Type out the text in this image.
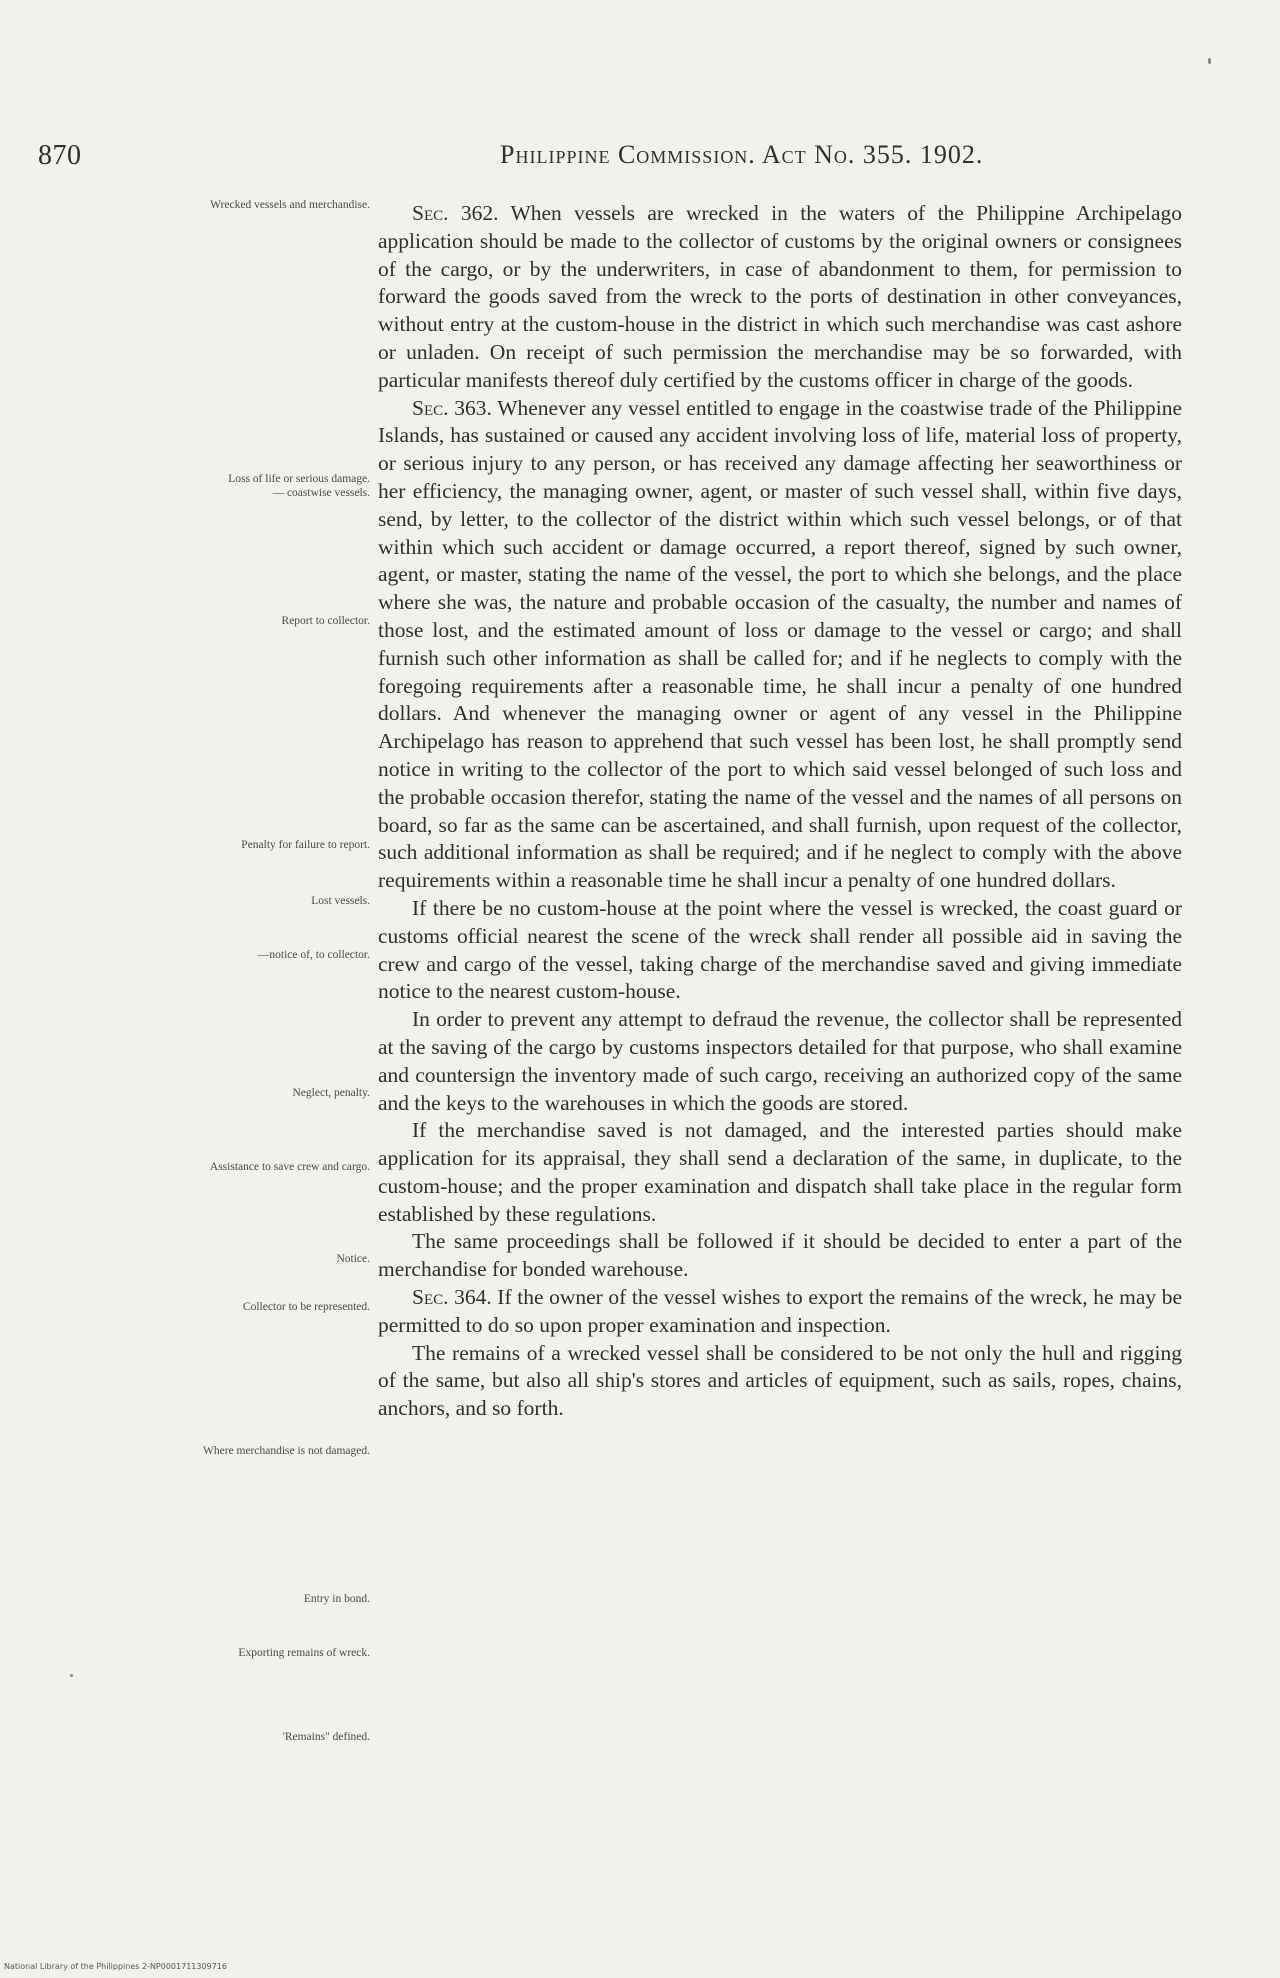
870	Philippine Commission. Act No. 355. 1902.
Wrecked vessels and merchandise.
Loss of life or serious damage.
— coastwise vessels.
Report to collector.
Penalty for failure to report.
Lost vessels.
—notice of, to collector.
Neglect, penalty.
Assistance to save crew and cargo.
Notice.
Collector to be represented.
Where merchandise is not damaged.
Entry in bond.
Exporting remains of wreck.
'Remains" defined.

Sec. 362. When vessels are wrecked in the waters of the Philippine Archipelago application should be made to the collector of customs by the original owners or consignees of the cargo, or by the underwriters, in case of abandonment to them, for permission to forward the goods saved from the wreck to the ports of destination in other conveyances, without entry at the custom-house in the district in which such merchandise was cast ashore or unladen. On receipt of such permission the merchandise may be so forwarded, with particular manifests thereof duly certified by the customs officer in charge of the goods.

Sec. 363. Whenever any vessel entitled to engage in the coastwise trade of the Philippine Islands, has sustained or caused any accident involving loss of life, material loss of property, or serious injury to any person, or has received any damage affecting her seaworthiness or her efficiency, the managing owner, agent, or master of such vessel shall, within five days, send, by letter, to the collector of the district within which such vessel belongs, or of that within which such accident or damage occurred, a report thereof, signed by such owner, agent, or master, stating the name of the vessel, the port to which she belongs, and the place where she was, the nature and probable occasion of the casualty, the number and names of those lost, and the estimated amount of loss or damage to the vessel or cargo; and shall furnish such other information as shall be called for; and if he neglects to comply with the foregoing requirements after a reasonable time, he shall incur a penalty of one hundred dollars. And whenever the managing owner or agent of any vessel in the Philippine Archipelago has reason to apprehend that such vessel has been lost, he shall promptly send notice in writing to the collector of the port to which said vessel belonged of such loss and the probable occasion therefor, stating the name of the vessel and the names of all persons on board, so far as the same can be ascertained, and shall furnish, upon request of the collector, such additional information as shall be required; and if he neglect to comply with the above requirements within a reasonable time he shall incur a penalty of one hundred dollars.

If there be no custom-house at the point where the vessel is wrecked, the coast guard or customs official nearest the scene of the wreck shall render all possible aid in saving the crew and cargo of the vessel, taking charge of the merchandise saved and giving immediate notice to the nearest custom-house.

In order to prevent any attempt to defraud the revenue, the collector shall be represented at the saving of the cargo by customs inspectors detailed for that purpose, who shall examine and countersign the inventory made of such cargo, receiving an authorized copy of the same and the keys to the warehouses in which the goods are stored.

If the merchandise saved is not damaged, and the interested parties should make application for its appraisal, they shall send a declaration of the same, in duplicate, to the custom-house; and the proper examination and dispatch shall take place in the regular form established by these regulations.

The same proceedings shall be followed if it should be decided to enter a part of the merchandise for bonded warehouse.

Sec. 364. If the owner of the vessel wishes to export the remains of the wreck, he may be permitted to do so upon proper examination and inspection.

The remains of a wrecked vessel shall be considered to be not only the hull and rigging of the same, but also all ship's stores and articles of equipment, such as sails, ropes, chains, anchors, and so forth.

National Library of the Philippines 2-NP0001711309716
